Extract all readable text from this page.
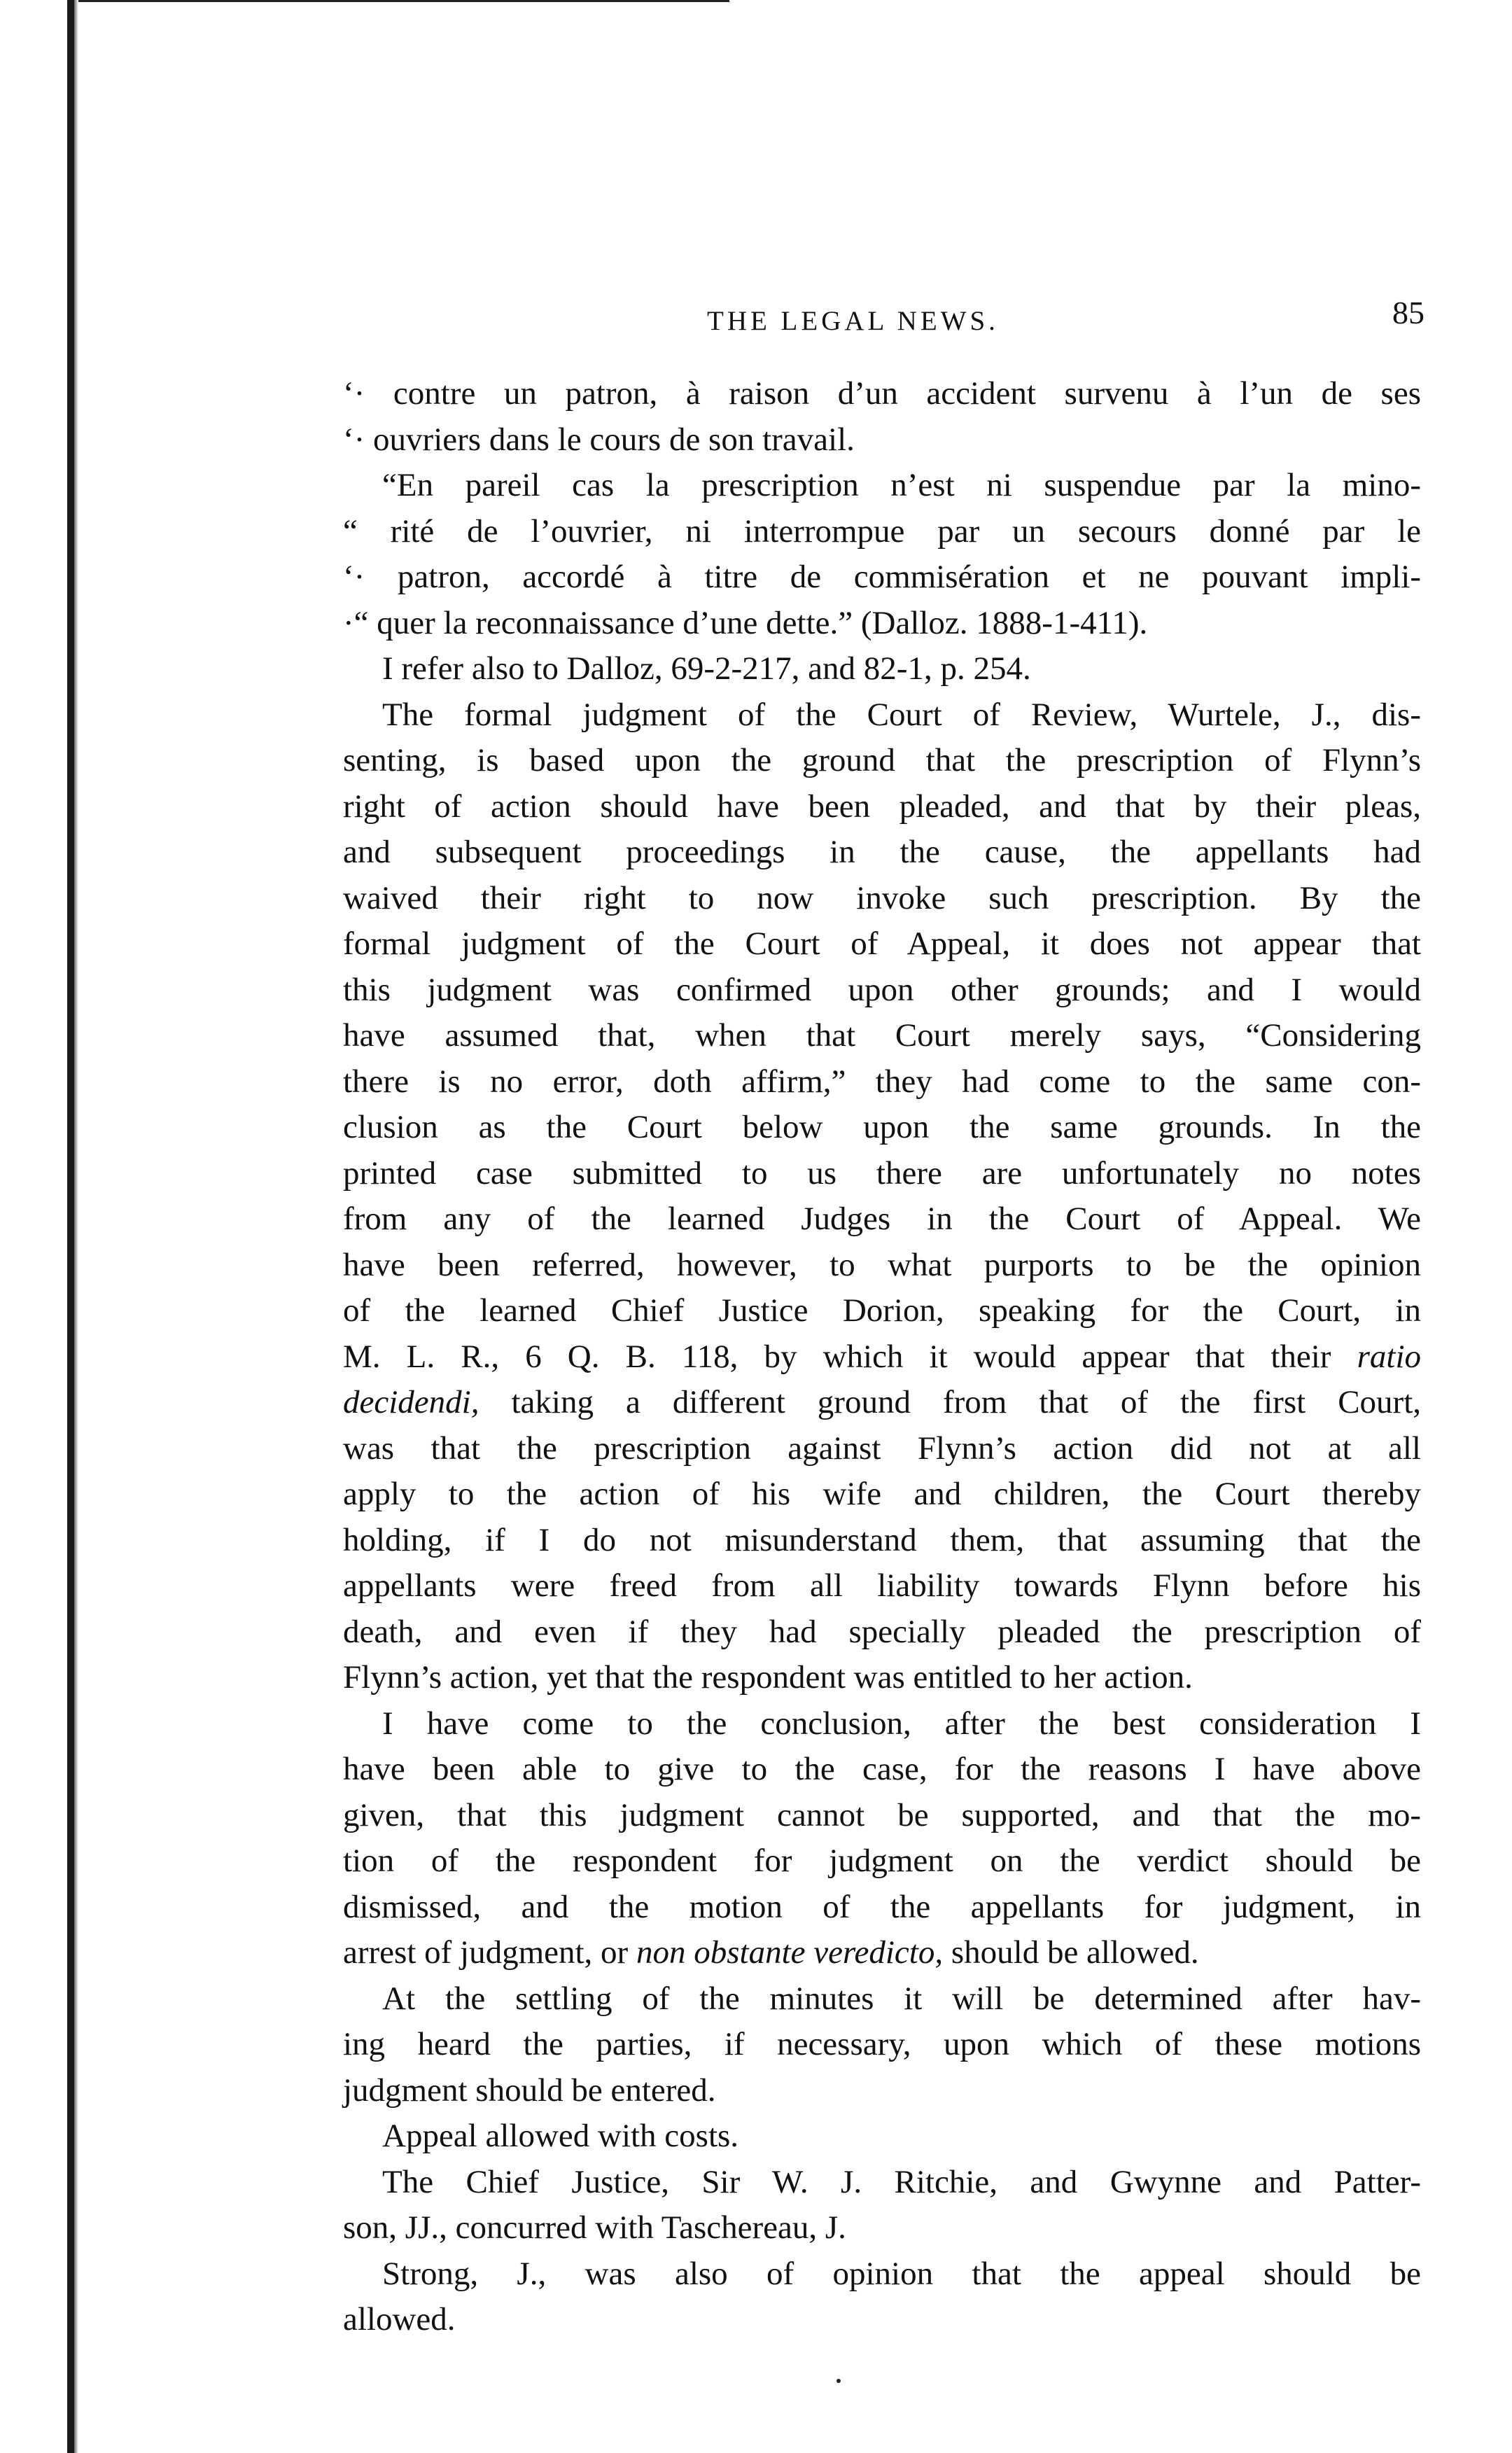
THE LEGAL NEWS.	85

‘· contre un patron, à raison d’un accident survenu à l’un de ses
‘· ouvriers dans le cours de son travail.

“En pareil cas la prescription n’est ni suspendue par la mino-
“ rité de l’ouvrier, ni interrompue par un secours donné par le
‘· patron, accordé à titre de commisération et ne pouvant impli-
·“ quer la reconnaissance d’une dette.” (Dalloz. 1888-1-411).

I refer also to Dalloz, 69-2-217, and 82-1, p. 254.

The formal judgment of the Court of Review, Wurtele, J., dis-
senting, is based upon the ground that the prescription of Flynn’s
right of action should have been pleaded, and that by their pleas,
and subsequent proceedings in the cause, the appellants had
waived their right to now invoke such prescription. By the
formal judgment of the Court of Appeal, it does not appear that
this judgment was confirmed upon other grounds; and I would
have assumed that, when that Court merely says, “Considering
there is no error, doth affirm,” they had come to the same con-
clusion as the Court below upon the same grounds. In the
printed case submitted to us there are unfortunately no notes
from any of the learned Judges in the Court of Appeal. We
have been referred, however, to what purports to be the opinion
of the learned Chief Justice Dorion, speaking for the Court, in
M. L. R., 6 Q. B. 118, by which it would appear that their ratio
decidendi, taking a different ground from that of the first Court,
was that the prescription against Flynn’s action did not at all
apply to the action of his wife and children, the Court thereby
holding, if I do not misunderstand them, that assuming that the
appellants were freed from all liability towards Flynn before his
death, and even if they had specially pleaded the prescription of
Flynn’s action, yet that the respondent was entitled to her action.

I have come to the conclusion, after the best consideration I
have been able to give to the case, for the reasons I have above
given, that this judgment cannot be supported, and that the mo-
tion of the respondent for judgment on the verdict should be
dismissed, and the motion of the appellants for judgment, in
arrest of judgment, or non obstante veredicto, should be allowed.

At the settling of the minutes it will be determined after hav-
ing heard the parties, if necessary, upon which of these motions
judgment should be entered.

Appeal allowed with costs.

The Chief Justice, Sir W. J. Ritchie, and Gwynne and Patter-
son, JJ., concurred with Taschereau, J.

Strong, J., was also of opinion that the appeal should be
allowed.
